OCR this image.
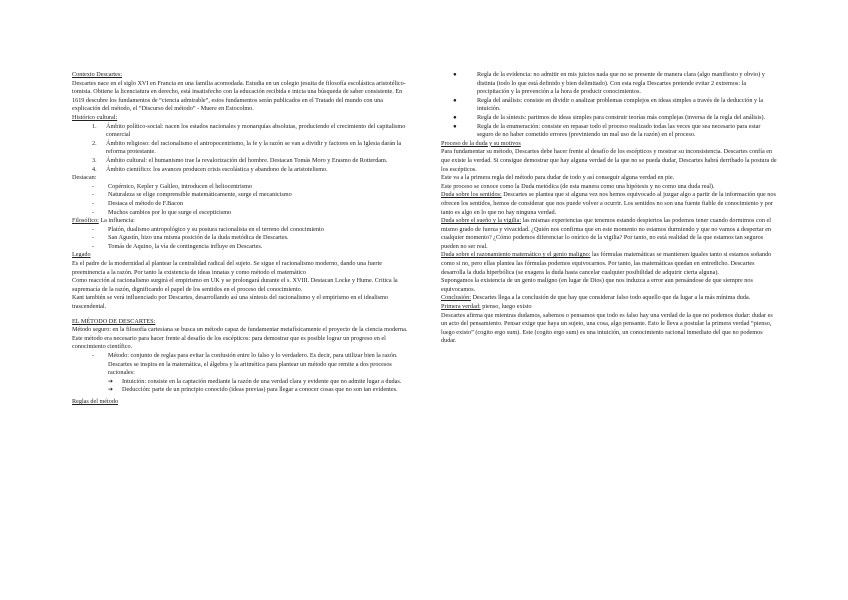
Contexto Descartes:

Descartes nace en el siglo XVI en Francia en una familia acomodada. Estudia en un colegio jesuita de filosofía escolástica aristotélico-tomista. Obtiene la licenciatura en derecho, está insatisfecho con la educación recibida e inicia una búsqueda de saber consistente. En 1619 descubre los fundamentos de “ciencia admirable”, estos fundamentos serán publicados en el Tratado del mundo con una explicación del método, el “Discurso del método” - Muere en Estocolmo.

Histórico cultural:

1.	Ámbito político-social: nacen los estados nacionales y monarquías absolutas, produciendo el crecimiento del capitalismo comercial
2.	Ámbito religioso: del racionalismo el antropocentrismo, la fe y la razón se van a dividir y factores en la Iglesia darán la reforma protestante.
3.	Ámbito cultural: el humanismo trae la revalorización del hombre. Destacan Tomás Moro y Erasmo de Rotterdam.
4.	Ámbito científico: los avances producen crisis escolástica y abandono de la aristotelismo.

Destacan:

-	Copérnico, Kepler y Galileo, introducen el heliocentrismo
-	Naturaleza se elige comprensible matemáticamente, surge el mecanicismo
-	Destaca el método de F.Bacon
-	Muchos cambios por lo que surge el escepticismo

Filosófico: La influencia:

-	Platón, dualismo antropológico y su postura racionalista en el terreno del conocimiento
-	San Agustín, hizo una misma posición de la duda metódica de Descartes.
-	Tomás de Aquino, la vía de contingencia influye en Descartes.

Legado

Es el padre de la modernidad al plantear la centralidad radical del sujeto. Se sigue el racionalismo moderno, dando una fuerte preeminencia a la razón. Por tanto la existencia de ideas innatas y como método el matemático

Como reacción al racionalismo surgirá el empirismo en UK y se prolongará durante el s. XVIII. Destacan Locke y Hume. Critica la supremacía de la razón, dignificando el papel de los sentidos en el proceso del conocimiento.

Kant también se verá influenciado por Descartes, desarrollando así una síntesis del racionalismo y el empirismo en el idealismo trascendental.

EL MÉTODO DE DESCARTES:

Método seguro: en la filosofía cartesiana se busca un método capaz de fundamentar metafísicamente el proyecto de la ciencia moderna. Este método era necesario para hacer frente al desafío de los escépticos: para demostrar que es posible lograr un progreso en el conocimiento científico.

-	Método: conjunto de reglas para evitar la confusión entre lo falso y lo verdadero. Es decir, para utilizar bien la razón. Descartes se inspira en la matemática, el álgebra y la aritmética para plantear un método que remite a dos procesos racionales:
➔	Intuición: consiste en la captación mediante la razón de una verdad clara y evidente que no admite lugar a dudas.
➔	Deducción: parte de un principio conocido (ideas previas) para llegar a conocer cosas que no son tan evidentes.

Reglas del método

●	Regla de la evidencia: no admitir en mis juicios nada que no se presente de manera clara (algo manifiesto y obvio) y distinta (todo lo que está definido y bien delimitado). Con esta regla Descartes pretende evitar 2 extremos: la precipitación y la prevención a la hora de producir conocimientos.
●	Regla del análisis: consiste en dividir o analizar problemas complejos en ideas simples a través de la deducción y la intuición.
●	Regla de la síntesis: partimos de ideas simples para construir teorías más complejas (inversa de la regla del análisis).
●	Regla de la enumeración: consiste en repasar todo el proceso realizado todas las veces que sea necesario para estar seguro de no haber cometido errores (previniendo un mal uso de la razón) en el proceso.

Proceso de la duda y su motivos

Para fundamentar su método, Descartes debe hacer frente al desafío de los escépticos y mostrar su inconsistencia. Descartes confía en que existe la verdad. Si consigue demostrar que hay alguna verdad de la que no se pueda dudar, Descartes habrá derribado la postura de los escépticos.

Este va a la primera regla del método para dudar de todo y así conseguir alguna verdad en pie.

Este proceso se conoce como la Duda metódica (de esta manera como una hipótesis y no como una duda real).

Duda sobre los sentidos: Descartes se plantea que si alguna vez nos hemos equivocado al juzgar algo a partir de la información que nos ofrecen los sentidos, hemos de considerar que nos puede volver a ocurrir. Los sentidos no son una fuente fiable de conocimiento y por tanto es algo en lo que no hay ninguna verdad.

Duda sobre el sueño y la vigilia: las mismas experiencias que tenemos estando despiertos las podemos tener cuando dormimos con el mismo grado de fuerza y vivacidad. ¿Quién nos confirma que en este momento no estamos durmiendo y que no vamos a despertar en cualquier momento? ¿Cómo podemos diferenciar lo onírico de la vigilia? Por tanto, no está realidad de la que estamos tan seguros pueden no ser real.

Duda sobre el razonamiento matemático y el genio maligno: las fórmulas matemáticas se mantienen iguales tanto si estamos soñando como si no, pero ellas plantea las fórmulas podemos equivocarnos. Por tanto, las matemáticas quedan en entredicho. Descartes desarrolla la duda hiperbólica (se exagera la duda hasta cancelar cualquier posibilidad de adquirir cierta alguna).

Supongamos la existencia de un genio maligno (en lugar de Dios) que nos induzca a error aun pensándose de que siempre nos equivocamos.

Conclusión: Descartes llega a la conclusión de que hay que considerar falso todo aquello que da lugar a la más mínima duda.

Primera verdad: pienso, luego existo

Descartes afirma que mientras dudamos, sabemos o pensamos que todo es falso hay una verdad de la que no podemos dudar: dudar es un acto del pensamiento. Pensar exige que haya un sujeto, una cosa, algo pensante. Esto le lleva a postular la primera verdad “pienso, luego existo” (cogito ergo sum). Este (cogito ergo sum) es una intuición, un conocimiento racional inmediato del que no podemos dudar.
